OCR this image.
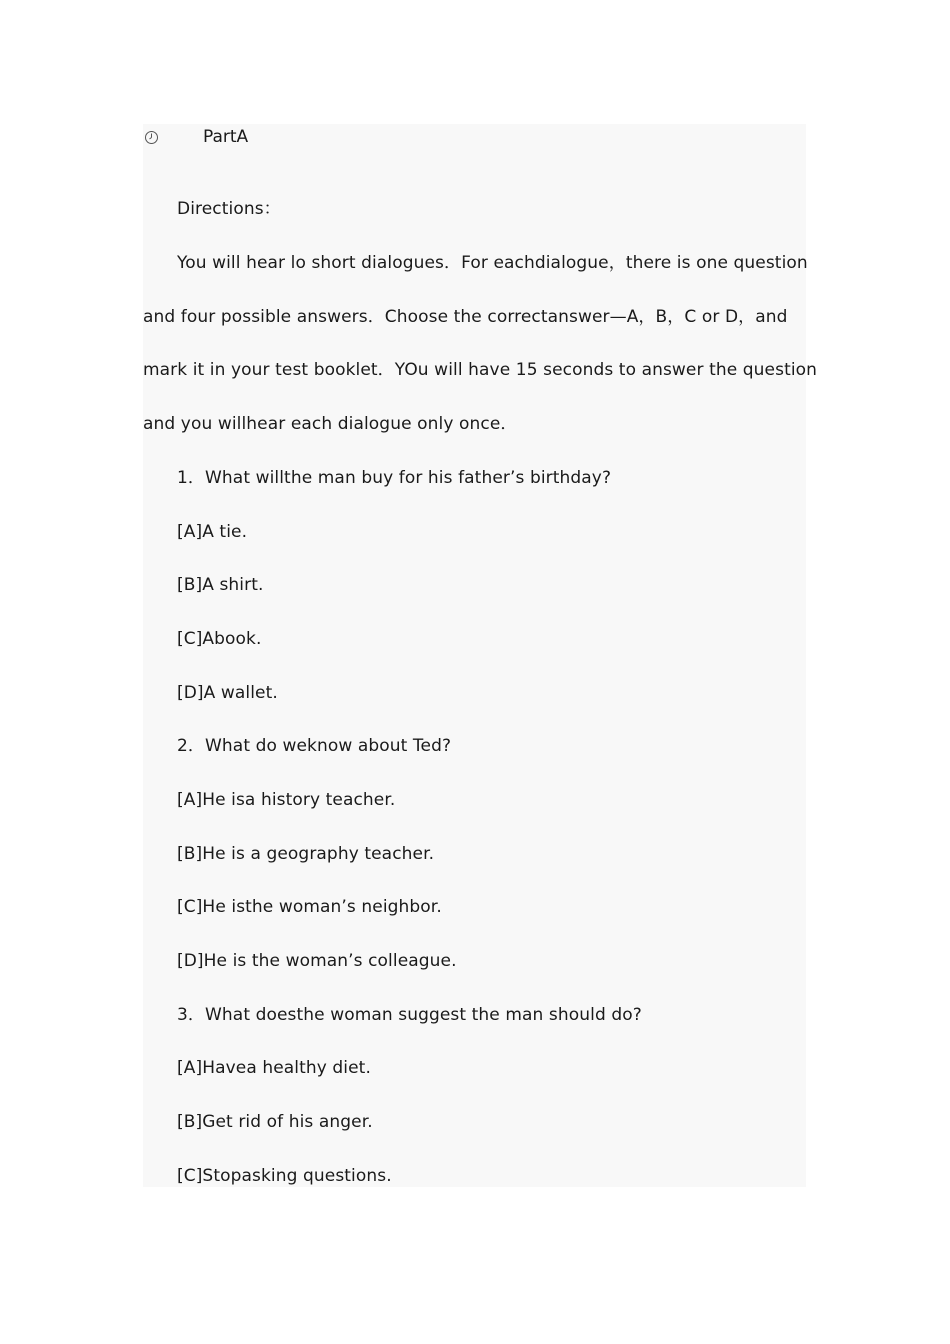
PartA
Directions：
You will hear lo short dialogues．For eachdialogue，there is one question
and four possible answers．Choose the correctanswer—A，B，C or D，and
mark it in your test booklet．YOu will have 15 seconds to answer the question
and you willhear each dialogue only once．
1．What willthe man buy for his father’s birthday?
[A]A tie.
[B]A shirt.
[C]Abook.
[D]A wallet.
2．What do weknow about Ted?
[A]He isa history teacher.
[B]He is a geography teacher.
[C]He isthe woman’s neighbor.
[D]He is the woman’s colleague.
3．What doesthe woman suggest the man should do?
[A]Havea healthy diet.
[B]Get rid of his anger.
[C]Stopasking questions.
